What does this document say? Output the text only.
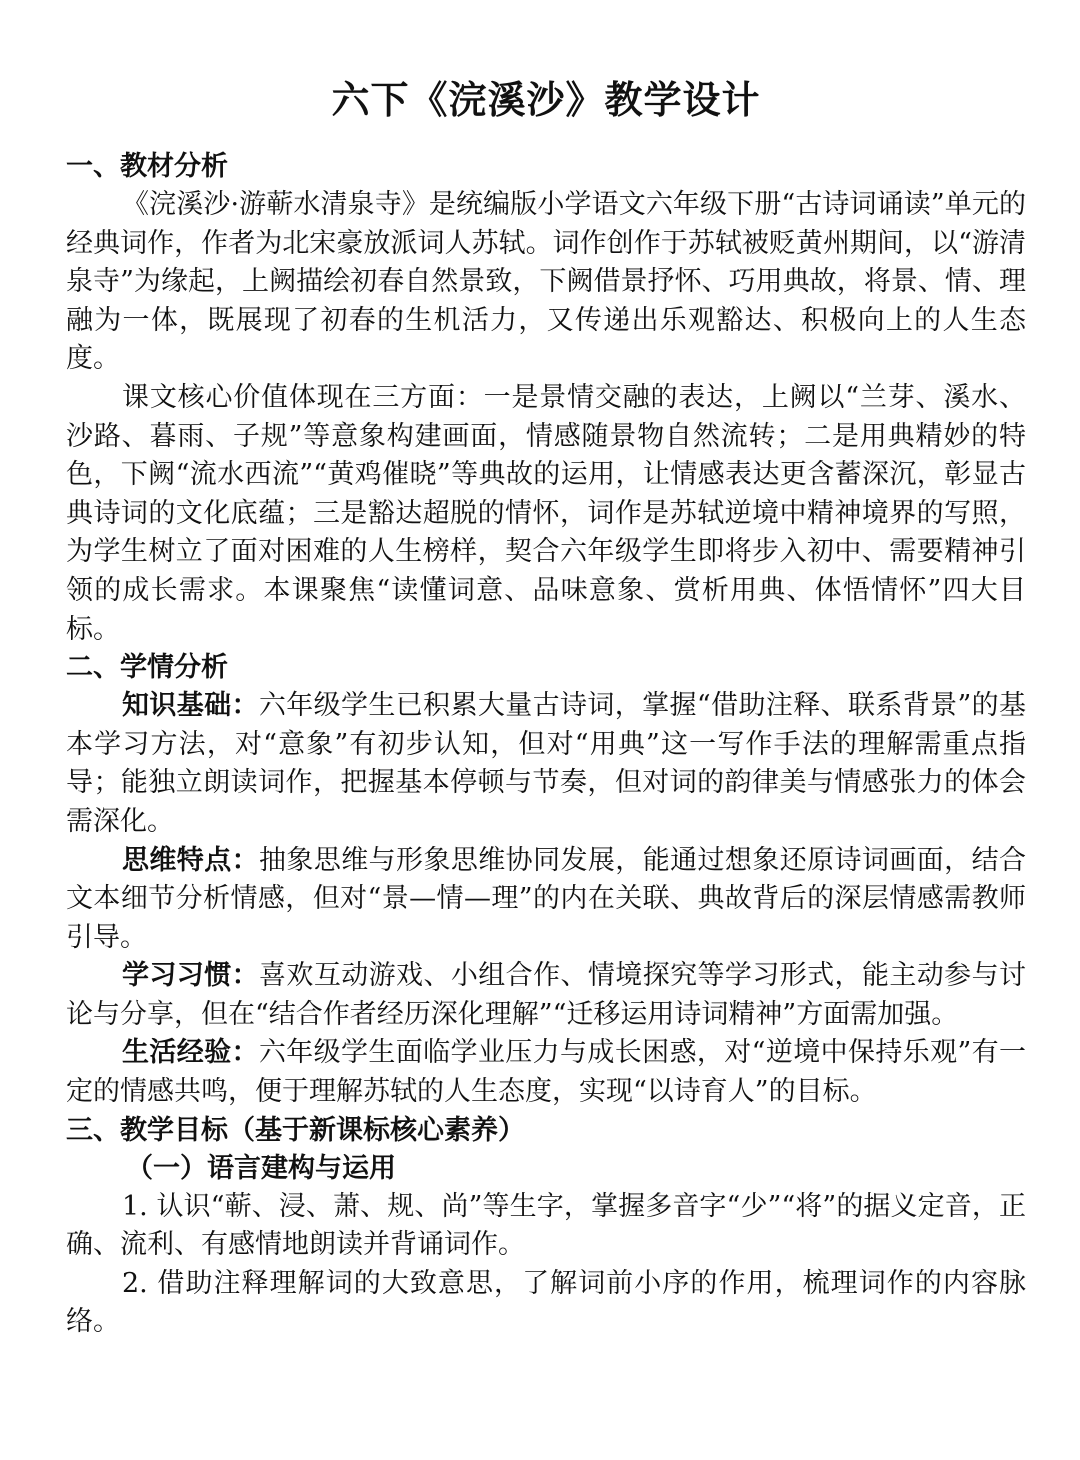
六下《浣溪沙》教学设计
一、教材分析

《浣溪沙·游蕲水清泉寺》是统编版小学语文六年级下册“古诗词诵读”单元的经典词作，作者为北宋豪放派词人苏轼。词作创作于苏轼被贬黄州期间，以“游清泉寺”为缘起，上阙描绘初春自然景致，下阙借景抒怀、巧用典故，将景、情、理融为一体，既展现了初春的生机活力，又传递出乐观豁达、积极向上的人生态度。

课文核心价值体现在三方面：一是景情交融的表达，上阙以“兰芽、溪水、沙路、暮雨、子规”等意象构建画面，情感随景物自然流转；二是用典精妙的特色，下阙“流水西流”“黄鸡催晓”等典故的运用，让情感表达更含蓄深沉，彰显古典诗词的文化底蕴；三是豁达超脱的情怀，词作是苏轼逆境中精神境界的写照，为学生树立了面对困难的人生榜样，契合六年级学生即将步入初中、需要精神引领的成长需求。本课聚焦“读懂词意、品味意象、赏析用典、体悟情怀”四大目标。

二、学情分析

知识基础：六年级学生已积累大量古诗词，掌握“借助注释、联系背景”的基本学习方法，对“意象”有初步认知，但对“用典”这一写作手法的理解需重点指导；能独立朗读词作，把握基本停顿与节奏，但对词的韵律美与情感张力的体会需深化。

思维特点：抽象思维与形象思维协同发展，能通过想象还原诗词画面，结合文本细节分析情感，但对“景—情—理”的内在关联、典故背后的深层情感需教师引导。

学习习惯：喜欢互动游戏、小组合作、情境探究等学习形式，能主动参与讨论与分享，但在“结合作者经历深化理解”“迁移运用诗词精神”方面需加强。

生活经验：六年级学生面临学业压力与成长困惑，对“逆境中保持乐观”有一定的情感共鸣，便于理解苏轼的人生态度，实现“以诗育人”的目标。

三、教学目标（基于新课标核心素养）
（一）语言建构与运用

1. 认识“蕲、浸、萧、规、尚”等生字，掌握多音字“少”“将”的据义定音，正确、流利、有感情地朗读并背诵词作。

2. 借助注释理解词的大致意思，了解词前小序的作用，梳理词作的内容脉络。
